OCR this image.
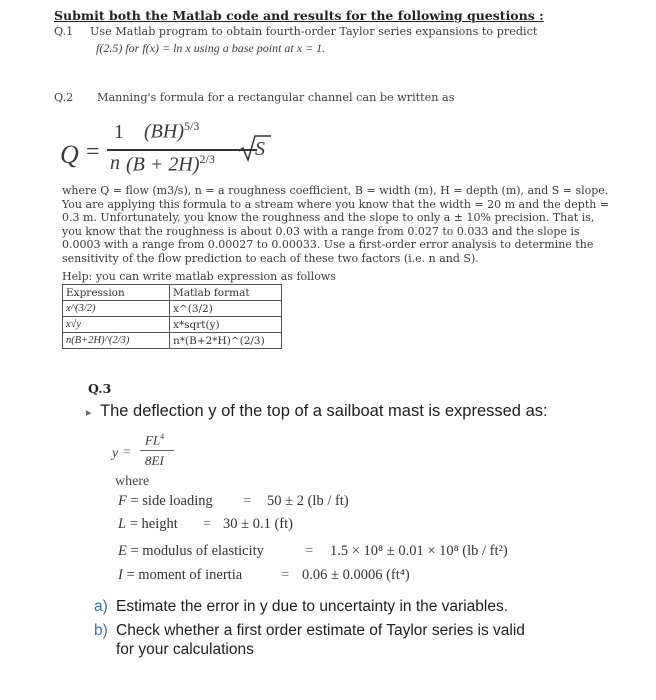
Submit both the Matlab code and results for the following questions :
Q.1 Use Matlab program to obtain fourth-order Taylor series expansions to predict
f(2.5) for f(x) = ln x using a base point at x = 1.
Q.2 Manning's formula for a rectangular channel can be written as
Q =
1
n
(BH)$^{5/3}$
$(B + 2H)^{2/3}$ S
where Q = flow (m3/s), n = a roughness coefficient, B = width (m), H = depth (m), and S = slope.
You are applying this formula to a stream where you know that the width = 20 m and the depth =
0.3 m. Unfortunately, you know the roughness and the slope to only a ± 10% precision. That is,
you know that the roughness is about 0.03 with a range from 0.027 to 0.033 and the slope is
0.0003 with a range from 0.00027 to 0.00033. Use a first-order error analysis to determine the
sensitivity of the flow prediction to each of these two factors (i.e. n and S).
Help: you can write matlab expression as follows
Expression	Matlab format
x^(3/2)	x^(3/2)
x√y	x*sqrt(y)
n(B+2H)^(2/3)	n*(B+2*H)^(2/3)
Q.3
▸ The deflection y of the top of a sailboat mast is expressed as:
y =
$FL^4$
8EI
where
F = side loading = 50 ± 2 (lb / ft)
L = height = 30 ± 0.1 (ft)
E = modulus of elasticity	= 1.5 × 10⁸ ± 0.01 × 10⁸ (lb / ft²)
I = moment of inertia	= 0.06 ± 0.0006 (ft⁴)
a) Estimate the error in y due to uncertainty in the variables.
b) Check whether a first order estimate of Taylor series is valid
for your calculations
